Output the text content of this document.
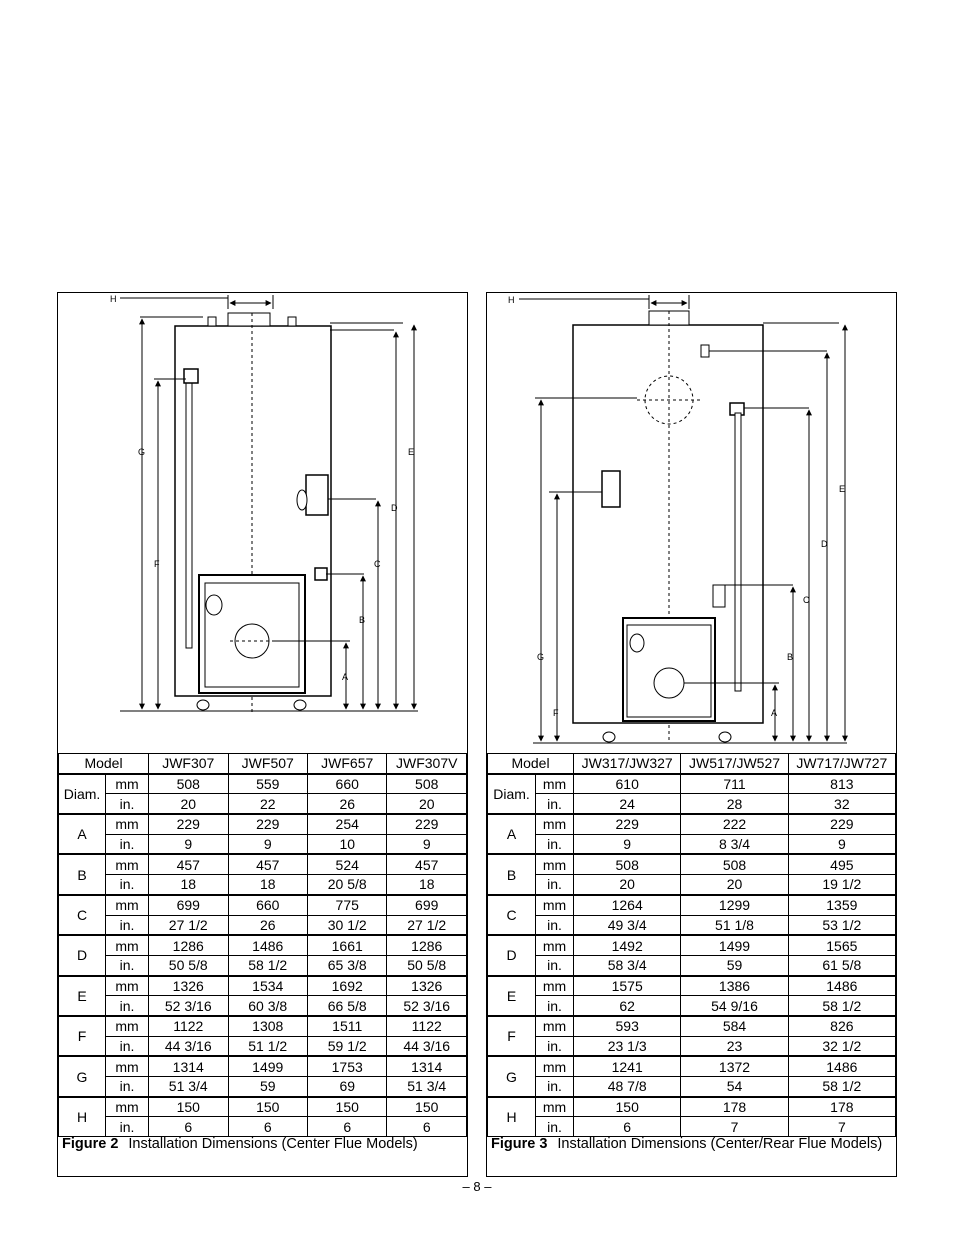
H
G
F
E
D
C
B
A
Model		JWF307	JWF507	JWF657	JWF307V
Diam.	mm	508	559	660	508
	in.	20	22	26	20
A	mm	229	229	254	229
	in.	9	9	10	9
B	mm	457	457	524	457
	in.	18	18	20 5/8	18
C	mm	699	660	775	699
	in.	27 1/2	26	30 1/2	27 1/2
D	mm	1286	1486	1661	1286
	in.	50 5/8	58 1/2	65 3/8	50 5/8
E	mm	1326	1534	1692	1326
	in.	52 3/16	60 3/8	66 5/8	52 3/16
F	mm	1122	1308	1511	1122
	in.	44 3/16	51 1/2	59 1/2	44 3/16
G	mm	1314	1499	1753	1314
	in.	51 3/4	59	69	51 3/4
H	mm	150	150	150	150
	in.	6	6	6	6
Figure 2 Installation Dimensions (Center Flue Models)
H
G
F
E
D
C
B
A
Model		JW317/JW327	JW517/JW527	JW717/JW727
Diam.	mm	610	711	813
	in.	24	28	32
A	mm	229	222	229
	in.	9	8 3/4	9
B	mm	508	508	495
	in.	20	20	19 1/2
C	mm	1264	1299	1359
	in.	49 3/4	51 1/8	53 1/2
D	mm	1492	1499	1565
	in.	58 3/4	59	61 5/8
E	mm	1575	1386	1486
	in.	62	54 9/16	58 1/2
F	mm	593	584	826
	in.	23 1/3	23	32 1/2
G	mm	1241	1372	1486
	in.	48 7/8	54	58 1/2
H	mm	150	178	178
	in.	6	7	7
Figure 3 Installation Dimensions (Center/Rear Flue Models)
– 8 –
